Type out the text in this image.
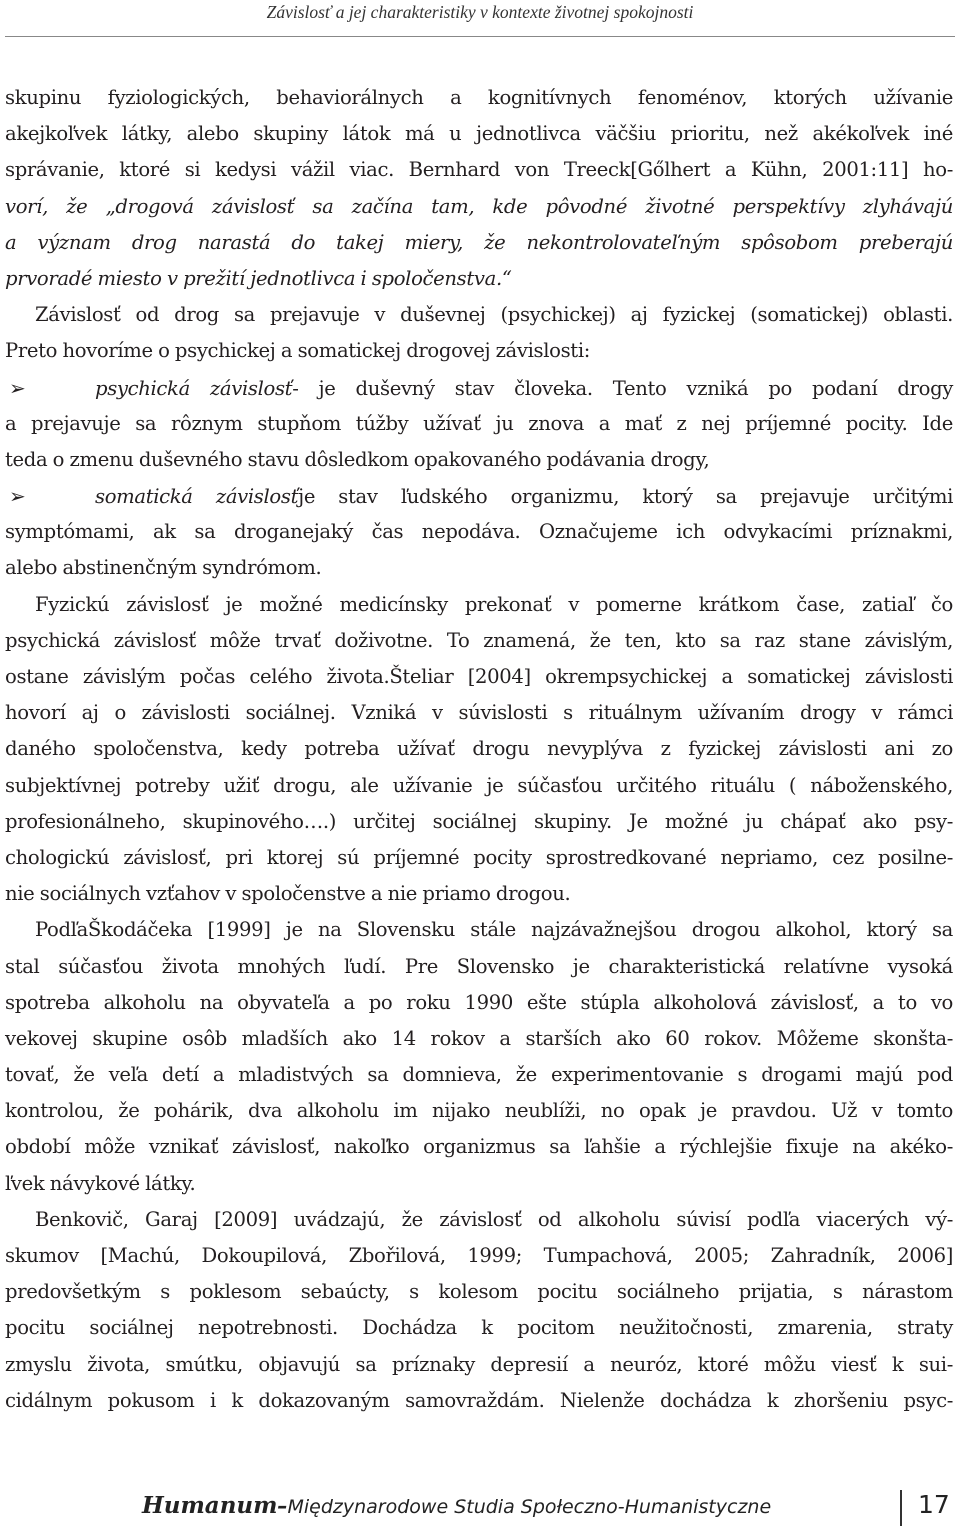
Závislosť a jej charakteristiky v kontexte životnej spokojnosti
skupinu fyziologických, behaviorálnych a kognitívnych fenoménov, ktorých užívanie
akejkoľvek látky, alebo skupiny látok má u jednotlivca väčšiu prioritu, než akékoľvek iné
správanie, ktoré si kedysi vážil viac. Bernhard von Treeck[Gőlhert a Kühn, 2001:11] ho-
vorí, že „drogová závislosť sa začína tam, kde pôvodné životné perspektívy zlyhávajú
a význam drog narastá do takej miery, že nekontrolovateľným spôsobom preberajú
prvoradé miesto v prežití jednotlivca i spoločenstva.“
Závislosť od drog sa prejavuje v duševnej (psychickej) aj fyzickej (somatickej) oblasti.
Preto hovoríme o psychickej a somatickej drogovej závislosti:
➢	psychická závislosť- je duševný stav človeka. Tento vzniká po podaní drogy
a prejavuje sa rôznym stupňom túžby užívať ju znova a mať z nej príjemné pocity. Ide
teda o zmenu duševného stavu dôsledkom opakovaného podávania drogy,
➢	somatická závislosťje stav ľudského organizmu, ktorý sa prejavuje určitými
symptómami, ak sa droganejaký čas nepodáva. Označujeme ich odvykacími príznakmi,
alebo abstinenčným syndrómom.
Fyzickú závislosť je možné medicínsky prekonať v pomerne krátkom čase, zatiaľ čo
psychická závislosť môže trvať doživotne. To znamená, že ten, kto sa raz stane závislým,
ostane závislým počas celého života.Šteliar [2004] okrempsychickej a somatickej závislosti
hovorí aj o závislosti sociálnej. Vzniká v súvislosti s rituálnym užívaním drogy v rámci
daného spoločenstva, kedy potreba užívať drogu nevyplýva z fyzickej závislosti ani zo
subjektívnej potreby užiť drogu, ale užívanie je súčasťou určitého rituálu ( náboženského,
profesionálneho, skupinového….) určitej sociálnej skupiny. Je možné ju chápať ako psy-
chologickú závislosť, pri ktorej sú príjemné pocity sprostredkované nepriamo, cez posilne-
nie sociálnych vzťahov v spoločenstve a nie priamo drogou.
PodľaŠkodáčeka [1999] je na Slovensku stále najzávažnejšou drogou alkohol, ktorý sa
stal súčasťou života mnohých ľudí. Pre Slovensko je charakteristická relatívne vysoká
spotreba alkoholu na obyvateľa a po roku 1990 ešte stúpla alkoholová závislosť, a to vo
vekovej skupine osôb mladších ako 14 rokov a starších ako 60 rokov. Môžeme skonšta-
tovať, že veľa detí a mladistvých sa domnieva, že experimentovanie s drogami majú pod
kontrolou, že pohárik, dva alkoholu im nijako neublíži, no opak je pravdou. Už v tomto
období môže vznikať závislosť, nakoľko organizmus sa ľahšie a rýchlejšie fixuje na akéko-
ľvek návykové látky.
Benkovič, Garaj [2009] uvádzajú, že závislosť od alkoholu súvisí podľa viacerých vý-
skumov [Machú, Dokoupilová, Zbořilová, 1999; Tumpachová, 2005; Zahradník, 2006]
predovšetkým s poklesom sebaúcty, s kolesom pocitu sociálneho prijatia, s nárastom
pocitu sociálnej nepotrebnosti. Dochádza k pocitom neužitočnosti, zmarenia, straty
zmyslu života, smútku, objavujú sa príznaky depresií a neuróz, ktoré môžu viesť k sui-
cidálnym pokusom i k dokazovaným samovraždám. Nielenže dochádza k zhoršeniu psyc-
Humanum–Międzynarodowe Studia Społeczno-Humanistyczne	17
